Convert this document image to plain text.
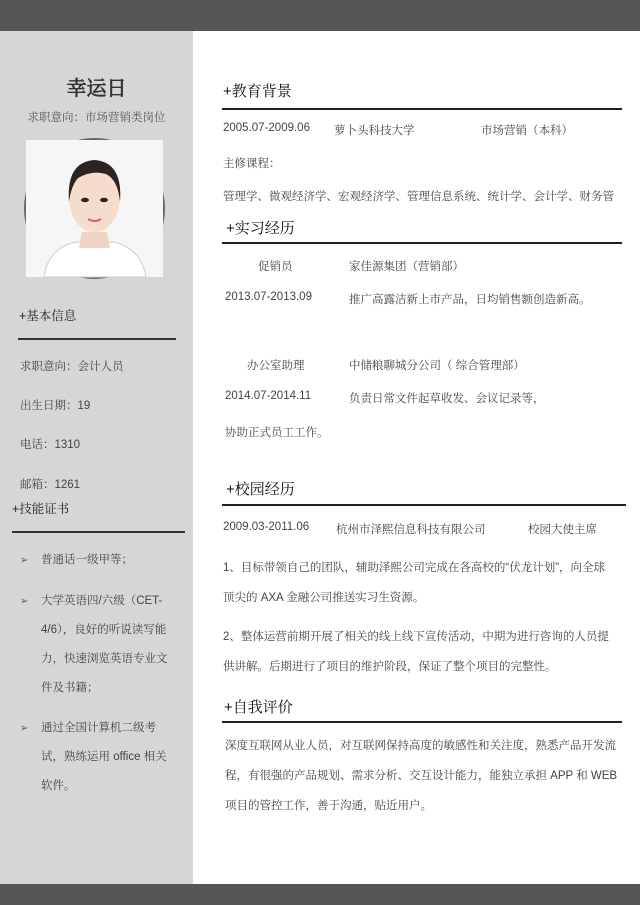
幸运日
求职意向：市场营销类岗位
+基本信息
求职意向：会计人员
出生日期：19
电话：1310
邮箱：1261
+技能证书
➢ 普通话一级甲等；
➢ 大学英语四/六级（CET-4/6），良好的听说读写能力，快速浏览英语专业文件及书籍；
➢ 通过全国计算机二级考试，熟练运用 office 相关软件。
+教育背景
2005.07-2009.06 萝卜头科技大学	市场营销（本科）
主修课程：
管理学、微观经济学、宏观经济学、管理信息系统、统计学、会计学、财务管
+实习经历
促销员	家佳源集团（营销部）
2013.07-2013.09	推广高露洁新上市产品，日均销售额创造新高。
办公室助理	中储粮聊城分公司（ 综合管理部）
2014.07-2014.11	负责日常文件起草收发、会议记录等，
协助正式员工工作。
+校园经历
2009.03-2011.06 杭州市泽熙信息科技有限公司	校园大使主席
1、目标带领自己的团队，辅助泽熙公司完成在各高校的“伏龙计划”，向全球
顶尖的 AXA 金融公司推送实习生资源。
2、整体运营前期开展了相关的线上线下宣传活动，中期为进行咨询的人员提
供讲解。后期进行了项目的维护阶段，保证了整个项目的完整性。
+自我评价
深度互联网从业人员，对互联网保持高度的敏感性和关注度，熟悉产品开发流
程，有很强的产品规划、需求分析、交互设计能力，能独立承担 APP 和 WEB
项目的管控工作，善于沟通，贴近用户。
